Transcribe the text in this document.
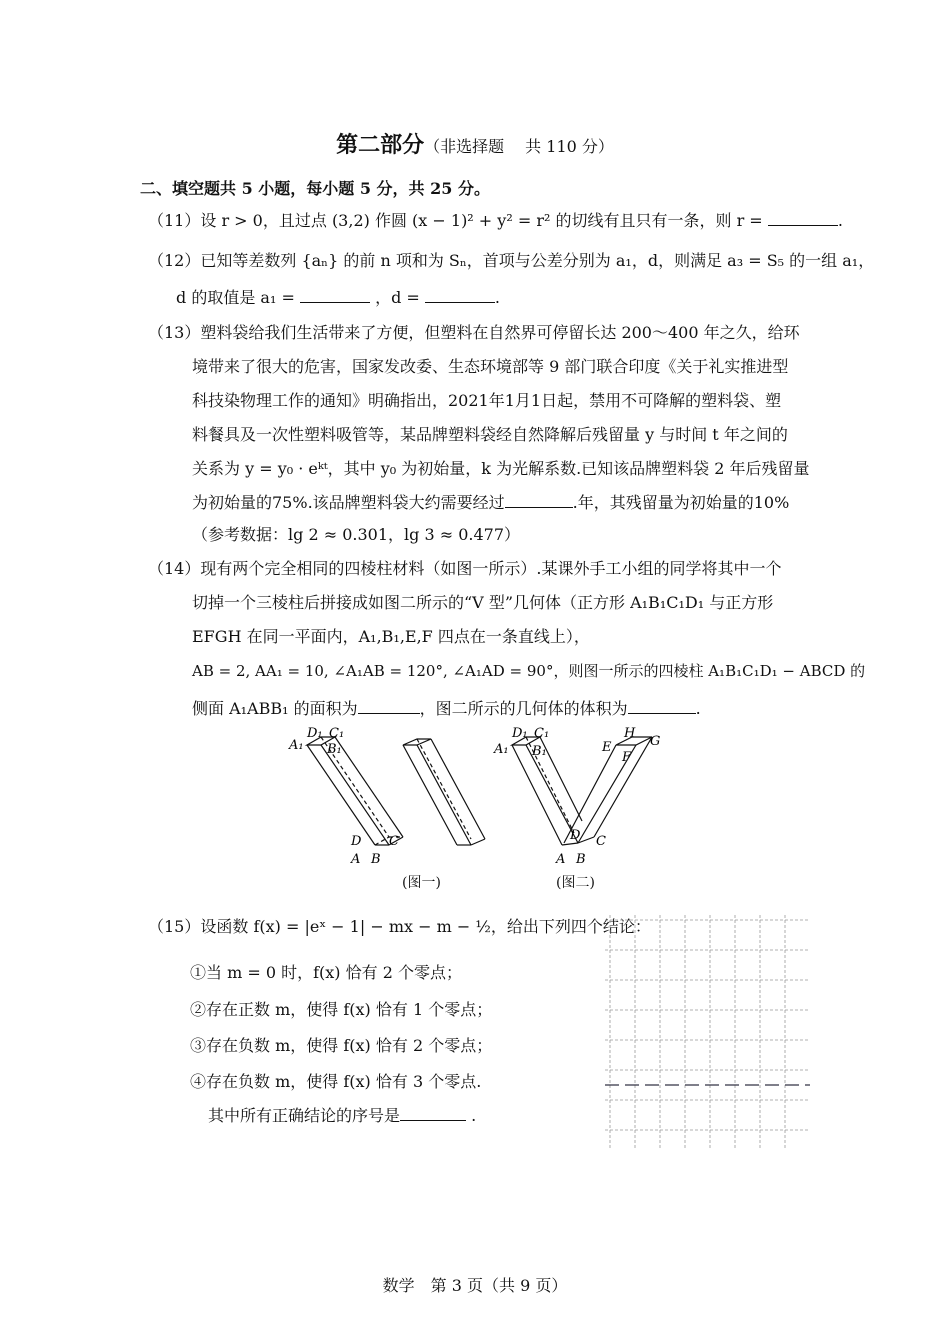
第二部分（非选择题　 共 110 分）
二、填空题共 5 小题，每小题 5 分，共 25 分。
（11）设 r > 0，且过点 (3,2) 作圆 (x − 1)² + y² = r² 的切线有且只有一条，则 r =	.
（12）已知等差数列 {aₙ} 的前 n 项和为 Sₙ，首项与公差分别为 a₁，d，则满足 a₃ = S₅ 的一组 a₁，
d 的取值是 a₁ =	，d =	.
（13）塑料袋给我们生活带来了方便，但塑料在自然界可停留长达 200～400 年之久，给环
境带来了很大的危害，国家发改委、生态环境部等 9 部门联合印度《关于礼实推进型
科技染物理工作的通知》明确指出，2021年1月1日起，禁用不可降解的塑料袋、塑
料餐具及一次性塑料吸管等，某品牌塑料袋经自然降解后残留量 y 与时间 t 年之间的
关系为 y = y₀ · eᵏᵗ，其中 y₀ 为初始量，k 为光解系数.已知该品牌塑料袋 2 年后残留量
为初始量的75%.该品牌塑料袋大约需要经过	.年，其残留量为初始量的10%
（参考数据：lg 2 ≈ 0.301，lg 3 ≈ 0.477）
（14）现有两个完全相同的四棱柱材料（如图一所示）.某课外手工小组的同学将其中一个
切掉一个三棱柱后拼接成如图二所示的“V 型”几何体（正方形 A₁B₁C₁D₁ 与正方形
EFGH 在同一平面内，A₁,B₁,E,F 四点在一条直线上），
AB = 2, AA₁ = 10, ∠A₁AB = 120°, ∠A₁AD = 90°，则图一所示的四棱柱 A₁B₁C₁D₁ − ABCD 的
侧面 A₁ABB₁ 的面积为	，图二所示的几何体的体积为	.
A₁
D₁ C₁
B₁
D C
A B
A₁
D₁ C₁
B₁
D C
A B
E
F
H
G
(图一)	(图二)
（15）设函数 f(x) = |eˣ − 1| − mx − m − ½，给出下列四个结论：
①当 m = 0 时，f(x) 恰有 2 个零点；
②存在正数 m，使得 f(x) 恰有 1 个零点；
③存在负数 m，使得 f(x) 恰有 2 个零点；
④存在负数 m，使得 f(x) 恰有 3 个零点.
其中所有正确结论的序号是	.
数学　第 3 页（共 9 页）
